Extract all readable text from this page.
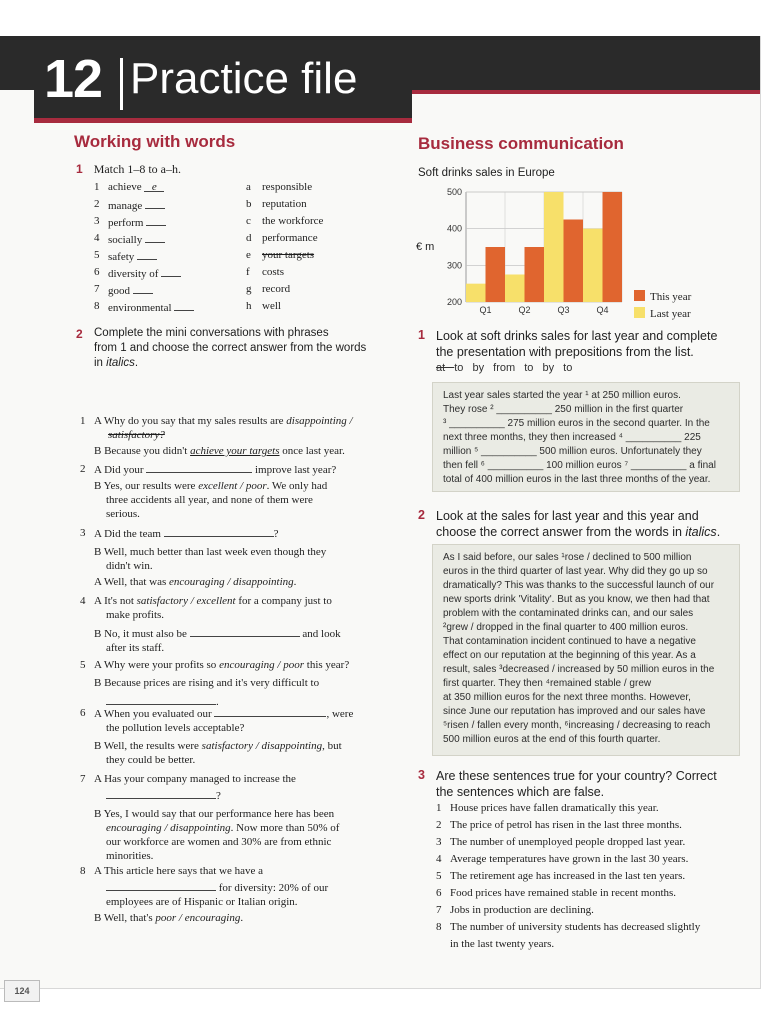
12 Practice file
Working with words
1 Match 1–8 to a–h.
2 Complete the mini conversations with phrases
from 1 and choose the correct answer from the words
in italics.
1 A Why do you say that my sales results are disappointing /
satisfactory?
B Because you didn't achieve your targets once last year.
2 A Did your	improve last year?
B Yes, our results were excellent / poor. We only had
three accidents all year, and none of them were
serious.
3 A Did the team	?
B Well, much better than last week even though they
didn't win.
A Well, that was encouraging / disappointing.
4 A It's not satisfactory / excellent for a company just to
make profits.
B No, it must also be	and look
after its staff.
5 A Why were your profits so encouraging / poor this year?
B Because prices are rising and it's very difficult to
.
6 A When you evaluated our	, were
the pollution levels acceptable?
B Well, the results were satisfactory / disappointing, but
they could be better.
7 A Has your company managed to increase the
?
B Yes, I would say that our performance here has been
encouraging / disappointing. Now more than 50% of
our workforce are women and 30% are from ethnic
minorities.
8 A This article here says that we have a
for diversity: 20% of our
employees are of Hispanic or Italian origin.
B Well, that's poor / encouraging.
Business communication
Soft drinks sales in Europe
€ m
200
300
400
500
Q1	Q2	Q3	Q4
This year
Last year
1 Look at soft drinks sales for last year and complete
the presentation with prepositions from the list.
at to by from to by to
Last year sales started the year ¹ at 250 million euros.
They rose ² __________ 250 million in the first quarter
³ __________ 275 million euros in the second quarter. In the
next three months, they then increased ⁴ __________ 225
million ⁵ __________ 500 million euros. Unfortunately they
then fell ⁶ __________ 100 million euros ⁷ __________ a final
total of 400 million euros in the last three months of the year.
2 Look at the sales for last year and this year and
choose the correct answer from the words in italics.
As I said before, our sales ¹rose / declined to 500 million
euros in the third quarter of last year. Why did they go up so
dramatically? This was thanks to the successful launch of our
new sports drink 'Vitality'. But as you know, we then had that
problem with the contaminated drinks can, and our sales
²grew / dropped in the final quarter to 400 million euros.
That contamination incident continued to have a negative
effect on our reputation at the beginning of this year. As a
result, sales ³decreased / increased by 50 million euros in the
first quarter. They then ⁴remained stable / grew
at 350 million euros for the next three months. However,
since June our reputation has improved and our sales have
⁵risen / fallen every month, ⁶increasing / decreasing to reach
500 million euros at the end of this fourth quarter.
3 Are these sentences true for your country? Correct
the sentences which are false.
1 House prices have fallen dramatically this year.
2 The price of petrol has risen in the last three months.
3 The number of unemployed people dropped last year.
4 Average temperatures have grown in the last 30 years.
5 The retirement age has increased in the last ten years.
6 Food prices have remained stable in recent months.
7 Jobs in production are declining.
8 The number of university students has decreased slightly
in the last twenty years.
124
1 achieve e	a	responsible
2 manage	b reputation
3 perform	c	the workforce
4 socially	d performance
5 safety	e	your targets
6 diversity of	f	costs
7 good	g record
8 environmental	h well
